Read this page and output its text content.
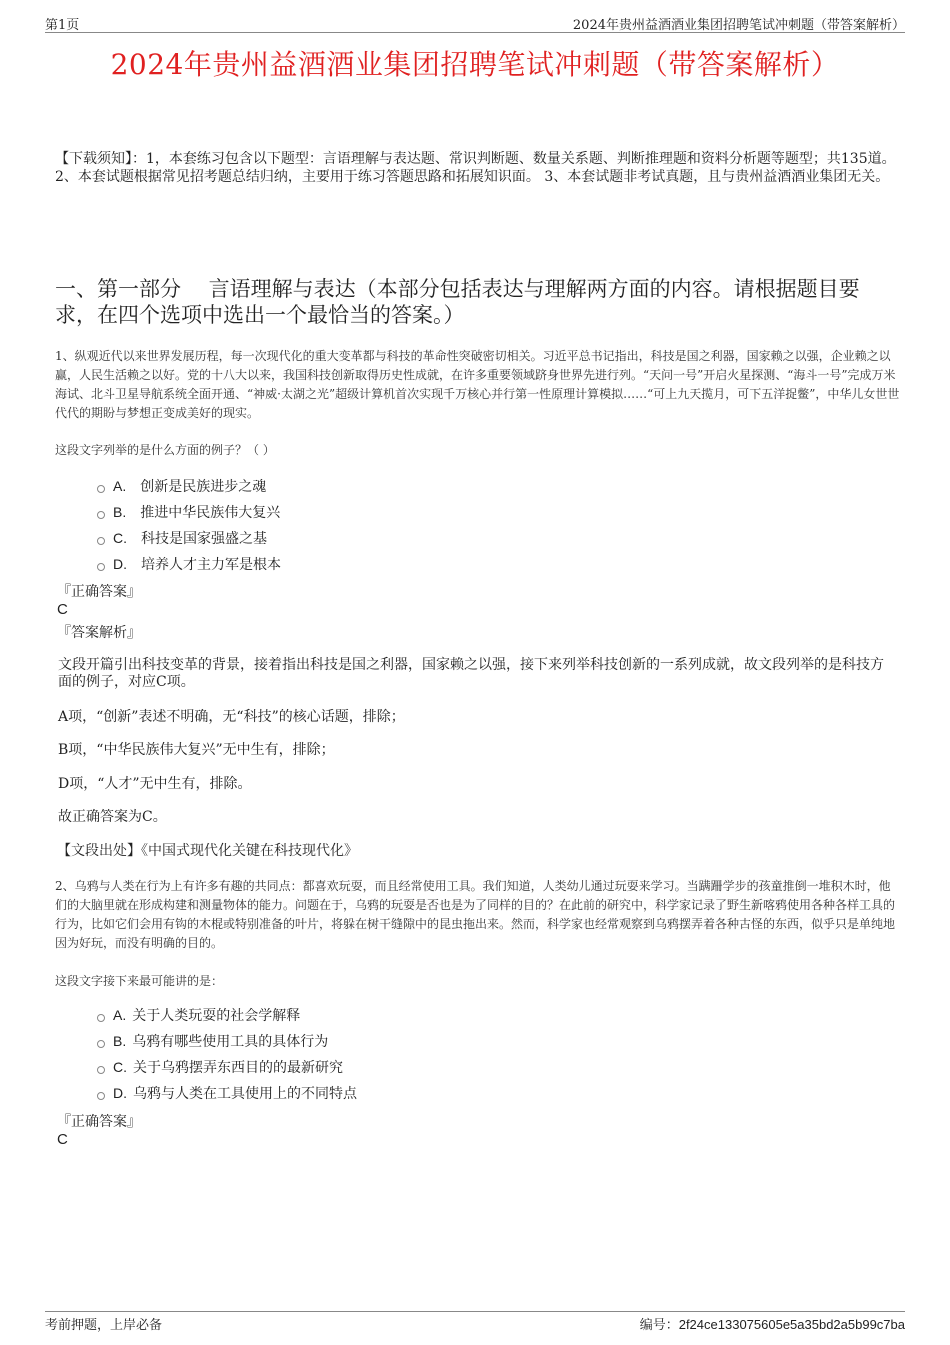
第1页	2024年贵州益酒酒业集团招聘笔试冲刺题（带答案解析）
2024年贵州益酒酒业集团招聘笔试冲刺题（带答案解析）
【下载须知】：1，本套练习包含以下题型：言语理解与表达题、常识判断题、数量关系题、判断推理题和资料分析题等题型；共135道。 2、本套试题根据常见招考题总结归纳，主要用于练习答题思路和拓展知识面。 3、本套试题非考试真题，且与贵州益酒酒业集团无关。
一、第一部分　 言语理解与表达（本部分包括表达与理解两方面的内容。请根据题目要求，在四个选项中选出一个最恰当的答案。）
1、纵观近代以来世界发展历程，每一次现代化的重大变革都与科技的革命性突破密切相关。习近平总书记指出，科技是国之利器，国家赖之以强，企业赖之以赢，人民生活赖之以好。党的十八大以来，我国科技创新取得历史性成就，在许多重要领域跻身世界先进行列。“天问一号”开启火星探测、“海斗一号”完成万米海试、北斗卫星导航系统全面开通、“神威·太湖之光”超级计算机首次实现千万核心并行第一性原理计算模拟……“可上九天揽月，可下五洋捉鳖”，中华儿女世世代代的期盼与梦想正变成美好的现实。
这段文字列举的是什么方面的例子？（ ）
A. 创新是民族进步之魂
B. 推进中华民族伟大复兴
C. 科技是国家强盛之基
D. 培养人才主力军是根本
『正确答案』
C
『答案解析』
文段开篇引出科技变革的背景，接着指出科技是国之利器，国家赖之以强，接下来列举科技创新的一系列成就，故文段列举的是科技方面的例子，对应C项。
A项，“创新”表述不明确，无“科技”的核心话题，排除；
B项，“中华民族伟大复兴”无中生有，排除；
D项，“人才”无中生有，排除。
故正确答案为C。
【文段出处】《中国式现代化关键在科技现代化》
2、乌鸦与人类在行为上有许多有趣的共同点：都喜欢玩耍，而且经常使用工具。我们知道，人类幼儿通过玩耍来学习。当蹒跚学步的孩童推倒一堆积木时，他们的大脑里就在形成构建和测量物体的能力。问题在于，乌鸦的玩耍是否也是为了同样的目的？在此前的研究中，科学家记录了野生新喀鸦使用各种各样工具的行为，比如它们会用有钩的木棍或特别准备的叶片，将躲在树干缝隙中的昆虫拖出来。然而，科学家也经常观察到乌鸦摆弄着各种古怪的东西，似乎只是单纯地因为好玩，而没有明确的目的。
这段文字接下来最可能讲的是：
A. 关于人类玩耍的社会学解释
B. 乌鸦有哪些使用工具的具体行为
C. 关于乌鸦摆弄东西目的的最新研究
D. 乌鸦与人类在工具使用上的不同特点
『正确答案』
C
考前押题，上岸必备	编号：2f24ce133075605e5a35bd2a5b99c7ba
